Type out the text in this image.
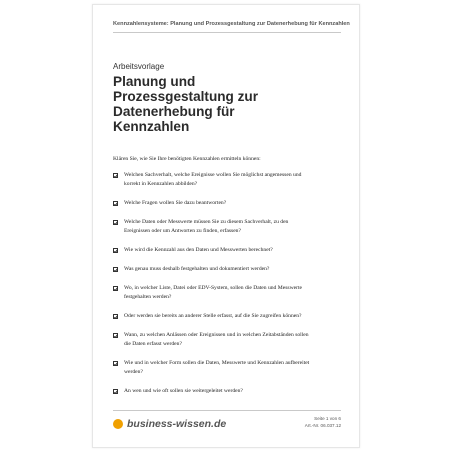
Kennzahlensysteme: Planung und Prozessgestaltung zur Datenerhebung für Kennzahlen
Arbeitsvorlage
Planung und Prozessgestaltung zur Datenerhebung für Kennzahlen
Klären Sie, wie Sie Ihre benötigten Kennzahlen ermitteln können:
Welchen Sachverhalt, welche Ereignisse wollen Sie möglichst angemessen und korrekt in Kennzahlen abbilden?
Welche Fragen wollen Sie dazu beantworten?
Welche Daten oder Messwerte müssen Sie zu diesem Sachverhalt, zu den Ereignissen oder um Antworten zu finden, erfassen?
Wie wird die Kennzahl aus den Daten und Messwerten berechnet?
Was genau muss deshalb festgehalten und dokumentiert werden?
Wo, in welcher Liste, Datei oder EDV-System, sollen die Daten und Messwerte festgehalten werden?
Oder werden sie bereits an anderer Stelle erfasst, auf die Sie zugreifen können?
Wann, zu welchen Anlässen oder Ereignissen und in welchen Zeitabständen sollen die Daten erfasst werden?
Wie und in welcher Form sollen die Daten, Messwerte und Kennzahlen aufbereitet werden?
An wen und wie oft sollen sie weitergeleitet werden?
business-wissen.de	Seite 1 von 6
Art.-Nr. 06.037.12
